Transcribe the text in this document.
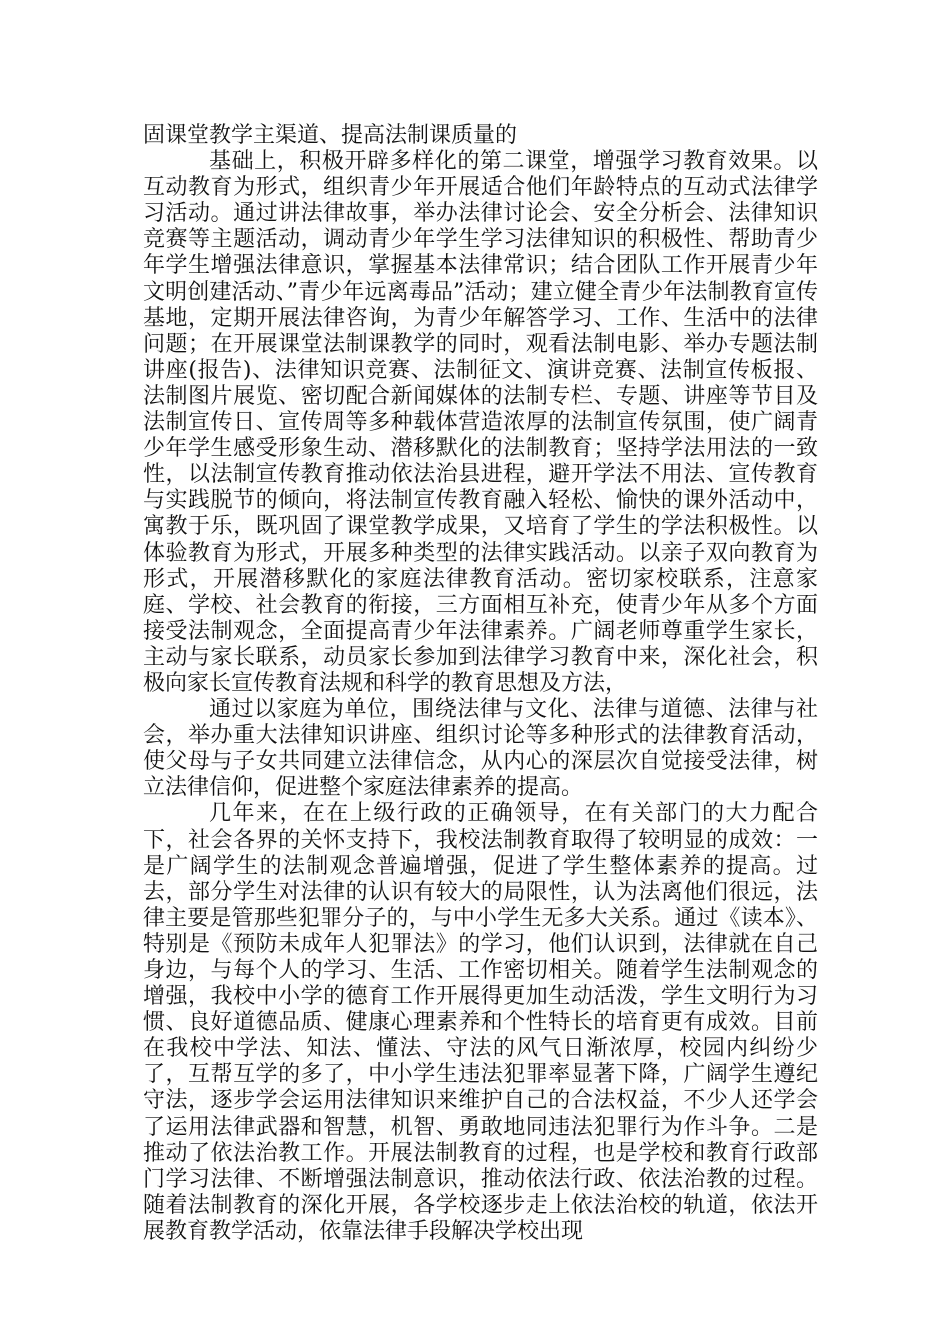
固课堂教学主渠道、提高法制课质量的

基础上，积极开辟多样化的第二课堂，增强学习教育效果。以互动教育为形式，组织青少年开展适合他们年龄特点的互动式法律学习活动。通过讲法律故事，举办法律讨论会、安全分析会、法律知识竞赛等主题活动，调动青少年学生学习法律知识的积极性、帮助青少年学生增强法律意识，掌握基本法律常识；结合团队工作开展青少年文明创建活动、”青少年远离毒品”活动；建立健全青少年法制教育宣传基地，定期开展法律咨询，为青少年解答学习、工作、生活中的法律问题；在开展课堂法制课教学的同时，观看法制电影、举办专题法制讲座(报告)、法律知识竞赛、法制征文、演讲竞赛、法制宣传板报、法制图片展览、密切配合新闻媒体的法制专栏、专题、讲座等节目及法制宣传日、宣传周等多种载体营造浓厚的法制宣传氛围，使广阔青少年学生感受形象生动、潜移默化的法制教育；坚持学法用法的一致性，以法制宣传教育推动依法治县进程，避开学法不用法、宣传教育与实践脱节的倾向，将法制宣传教育融入轻松、愉快的课外活动中，寓教于乐，既巩固了课堂教学成果，又培育了学生的学法积极性。以体验教育为形式，开展多种类型的法律实践活动。以亲子双向教育为形式，开展潜移默化的家庭法律教育活动。密切家校联系，注意家庭、学校、社会教育的衔接，三方面相互补充，使青少年从多个方面接受法制观念，全面提高青少年法律素养。广阔老师尊重学生家长，主动与家长联系，动员家长参加到法律学习教育中来，深化社会，积极向家长宣传教育法规和科学的教育思想及方法，

通过以家庭为单位，围绕法律与文化、法律与道德、法律与社会，举办重大法律知识讲座、组织讨论等多种形式的法律教育活动，使父母与子女共同建立法律信念，从内心的深层次自觉接受法律，树立法律信仰，促进整个家庭法律素养的提高。

几年来，在在上级行政的正确领导，在有关部门的大力配合下，社会各界的关怀支持下，我校法制教育取得了较明显的成效：一是广阔学生的法制观念普遍增强，促进了学生整体素养的提高。过去，部分学生对法律的认识有较大的局限性，认为法离他们很远，法律主要是管那些犯罪分子的，与中小学生无多大关系。通过《读本》、特别是《预防未成年人犯罪法》的学习，他们认识到，法律就在自己身边，与每个人的学习、生活、工作密切相关。随着学生法制观念的增强，我校中小学的德育工作开展得更加生动活泼，学生文明行为习惯、良好道德品质、健康心理素养和个性特长的培育更有成效。目前在我校中学法、知法、懂法、守法的风气日渐浓厚，校园内纠纷少了，互帮互学的多了，中小学生违法犯罪率显著下降，广阔学生遵纪守法，逐步学会运用法律知识来维护自己的合法权益，不少人还学会了运用法律武器和智慧，机智、勇敢地同违法犯罪行为作斗争。二是推动了依法治教工作。开展法制教育的过程，也是学校和教育行政部门学习法律、不断增强法制意识，推动依法行政、依法治教的过程。随着法制教育的深化开展，各学校逐步走上依法治校的轨道，依法开展教育教学活动，依靠法律手段解决学校出现
